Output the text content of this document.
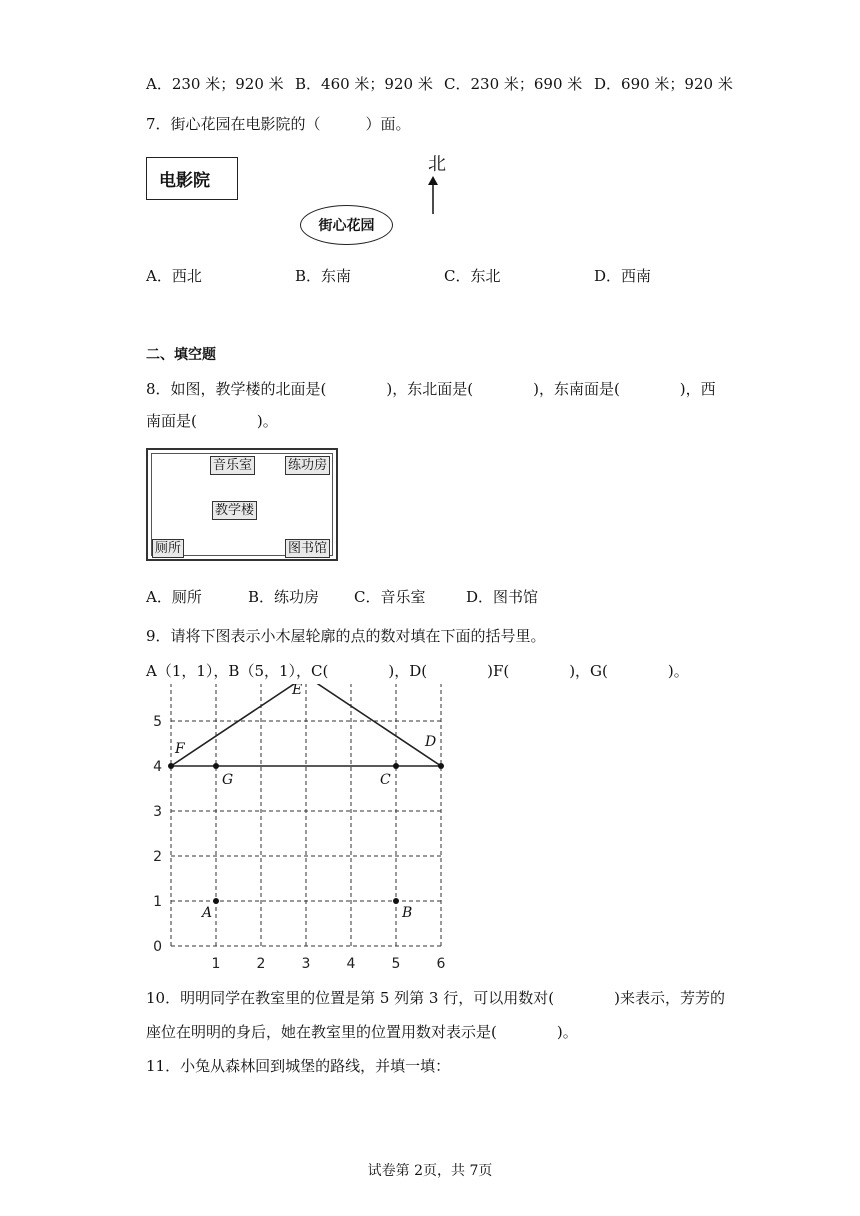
A．230 米；920 米 B．460 米；920 米 C．230 米；690 米 D．690 米；920 米
7．街心花园在电影院的（　　　）面。
电影院
街心花园
北
A．西北	B．东南	C．东北	D．西南
二、填空题
8．如图，教学楼的北面是(　　　　)，东北面是(　　　　)，东南面是(　　　　)，西
南面是(　　　　)。
音乐室	练功房
教学楼
厕所	图书馆
A．厕所	B．练功房 C．音乐室	D．图书馆
9．请将下图表示小木屋轮廓的点的数对填在下面的括号里。
A（1，1），B（5，1），C(　　　　)，D(　　　　)F(　　　　)，G(　　　　)。
1	2	3	4	5	6
0
1
2
3
4
5
A	B
C
D
E
F
G
10．明明同学在教室里的位置是第 5 列第 3 行，可以用数对(　　　　)来表示，芳芳的
座位在明明的身后，她在教室里的位置用数对表示是(　　　　)。
11．小兔从森林回到城堡的路线，并填一填：
试卷第 2页，共 7页
